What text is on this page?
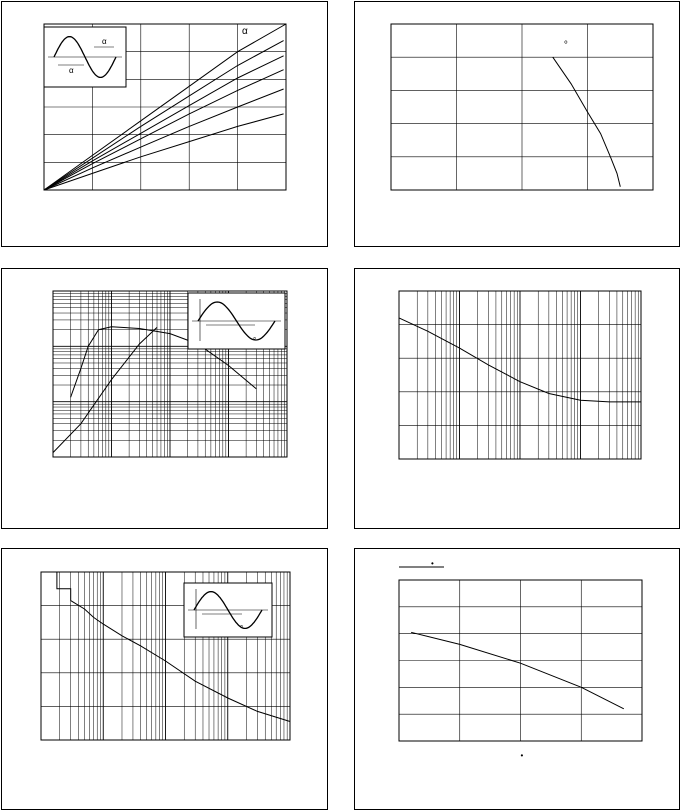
α
α
α	°
°
°
•
•
